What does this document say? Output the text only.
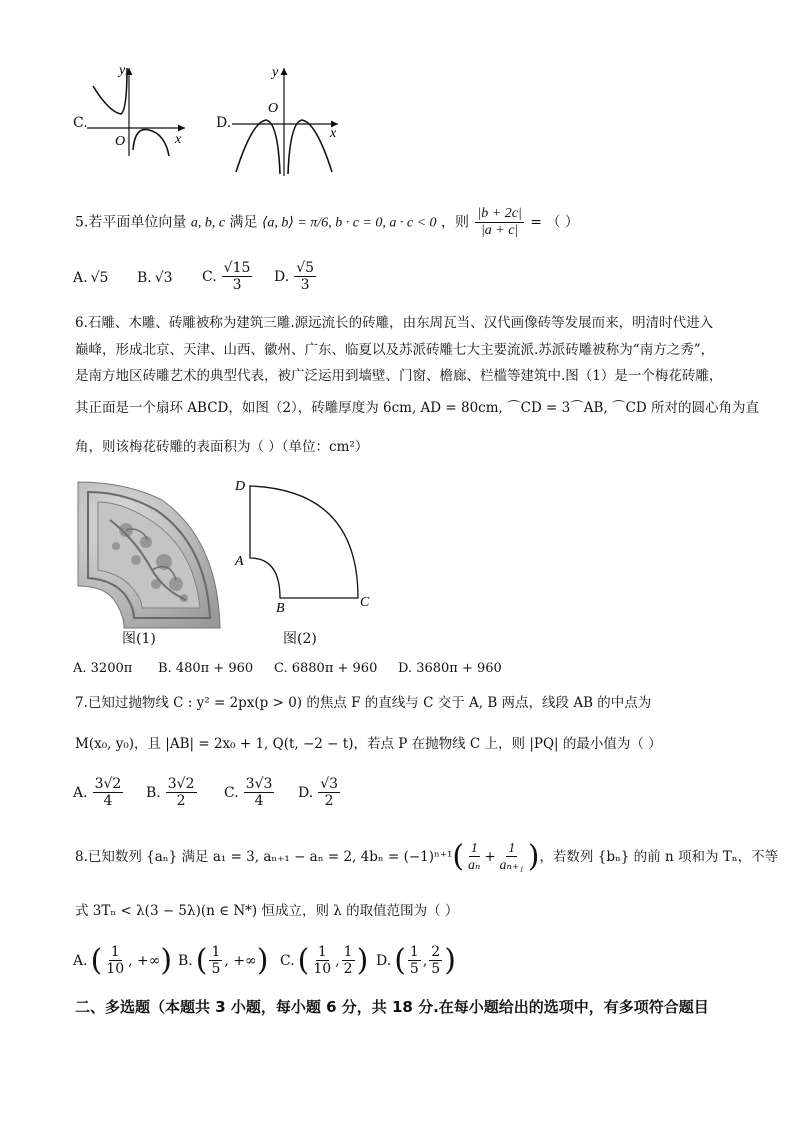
C.
y
x
O
D.
y
x
O
5.若平面单位向量 a, b, c 满足 ⟨a, b⟩ = π/6, b · c = 0, a · c < 0 ，则 $\frac{|b + 2c|}{|a + c|}$ = （ ）
A. √5 B. √3 C. $\frac{√15}{3} D$. $\frac{√5}{3}$
6.石雕、木雕、砖雕被称为建筑三雕.源远流长的砖雕，由东周瓦当、汉代画像砖等发展而来，明清时代进入
巅峰，形成北京、天津、山西、徽州、广东、临夏以及苏派砖雕七大主要流派.苏派砖雕被称为“南方之秀”，
是南方地区砖雕艺术的典型代表，被广泛运用到墙壁、门窗、檐廊、栏槛等建筑中.图（1）是一个梅花砖雕，
其正面是一个扇环 ABCD，如图（2），砖雕厚度为 6cm, AD = 80cm, ⌒CD = 3⌒AB, ⌒CD 所对的圆心角为直
角，则该梅花砖雕的表面积为（ ）（单位：cm²）
图(1)
D
A
B	C
图(2)
A. 3200π B. 480π + 960 C. 6880π + 960 D. 3680π + 960
7.已知过抛物线 C : y² = 2px(p > 0) 的焦点 F 的直线与 C 交于 A, B 两点，线段 AB 的中点为
M(x₀, y₀)，且 |AB| = 2x₀ + 1, Q(t, −2 − t)，若点 P 在抛物线 C 上，则 |PQ| 的最小值为（ ）
A. $\frac{3√2}{4} B$. $\frac{3√2}{2} C$. $\frac{3√3}{4} D$. $\frac{√3}{2}$
8.已知数列 {aₙ} 满足 a₁ = 3, aₙ₊₁ − aₙ = 2, 4bₙ = (−1)ⁿ⁺¹ ( $\frac{1}{\text{aₙ}} + \frac{1}{\text{aₙ₊₁}}$ ) ，若数列 {bₙ} 的前 n 项和为 Tₙ，不等
式 3Tₙ < λ(3 − 5λ)(n ∈ N*) 恒成立，则 λ 的取值范围为（ ）
A. ( $\frac{1}{10}$ , +∞ ) B. ( $\frac{1}{5}$ , +∞ ) C. ( $\frac{1}{10}$ , $\frac{1}{2}$ ) D. ( $\frac{1}{5}$ , $\frac{2}{5}$ )
二、多选题（本题共 3 小题，每小题 6 分，共 18 分.在每小题给出的选项中，有多项符合题目
